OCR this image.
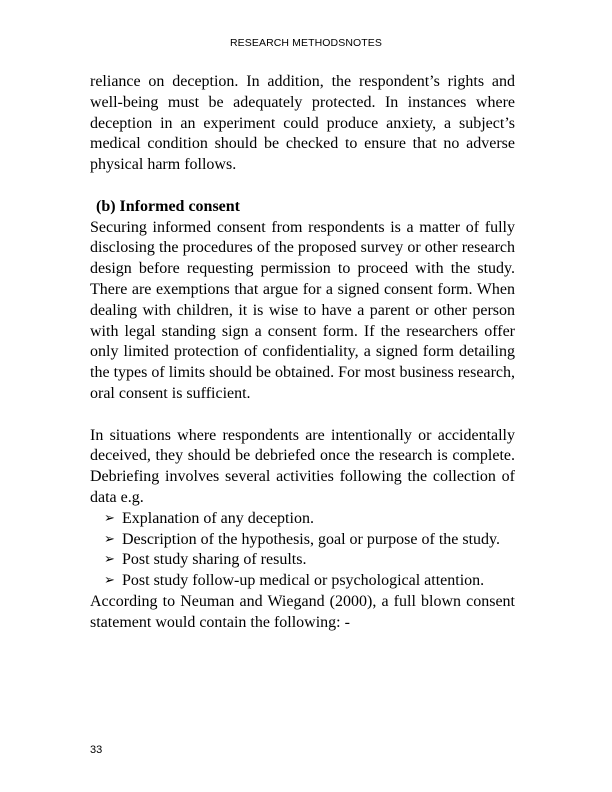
RESEARCH METHODSNOTES

reliance on deception. In addition, the respondent’s rights and well-being must be adequately protected. In instances where deception in an experiment could produce anxiety, a subject’s medical condition should be checked to ensure that no adverse physical harm follows.

(b) Informed consent

Securing informed consent from respondents is a matter of fully disclosing the procedures of the proposed survey or other research design before requesting permission to proceed with the study. There are exemptions that argue for a signed consent form. When dealing with children, it is wise to have a parent or other person with legal standing sign a consent form. If the researchers offer only limited protection of confidentiality, a signed form detailing the types of limits should be obtained. For most business research, oral consent is sufficient.

In situations where respondents are intentionally or accidentally deceived, they should be debriefed once the research is complete. Debriefing involves several activities following the collection of data e.g.

➢ Explanation of any deception.
➢ Description of the hypothesis, goal or purpose of the study.
➢ Post study sharing of results.
➢ Post study follow-up medical or psychological attention.

According to Neuman and Wiegand (2000), a full blown consent statement would contain the following: -

33
